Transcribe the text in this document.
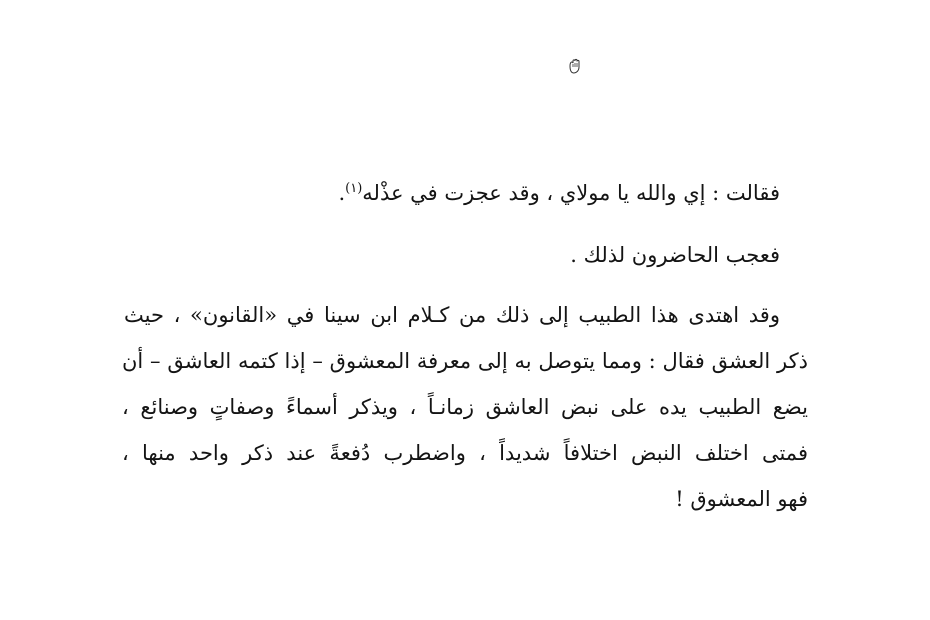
فقالت : إي والله يا مولاي ، وقد عجزت في عذْله$^{(١)}$.
فعجب الحاضرون لذلك .
وقد اهتدى هذا الطبيب إلى ذلك من كـلام ابن سينا في «القانون» ، حيث
ذكر العشق فقال : ومما يتوصل به إلى معرفة المعشوق – إذا كتمه العاشق – أن
يضع الطبيب يده على نبض العاشق زمانـاً ، ويذكر أسماءً وصفاتٍ وصنائع ،
فمتى اختلف النبض اختلافاً شديداً ، واضطرب دُفعةً عند ذكر واحد منها ،
فهو المعشوق !
